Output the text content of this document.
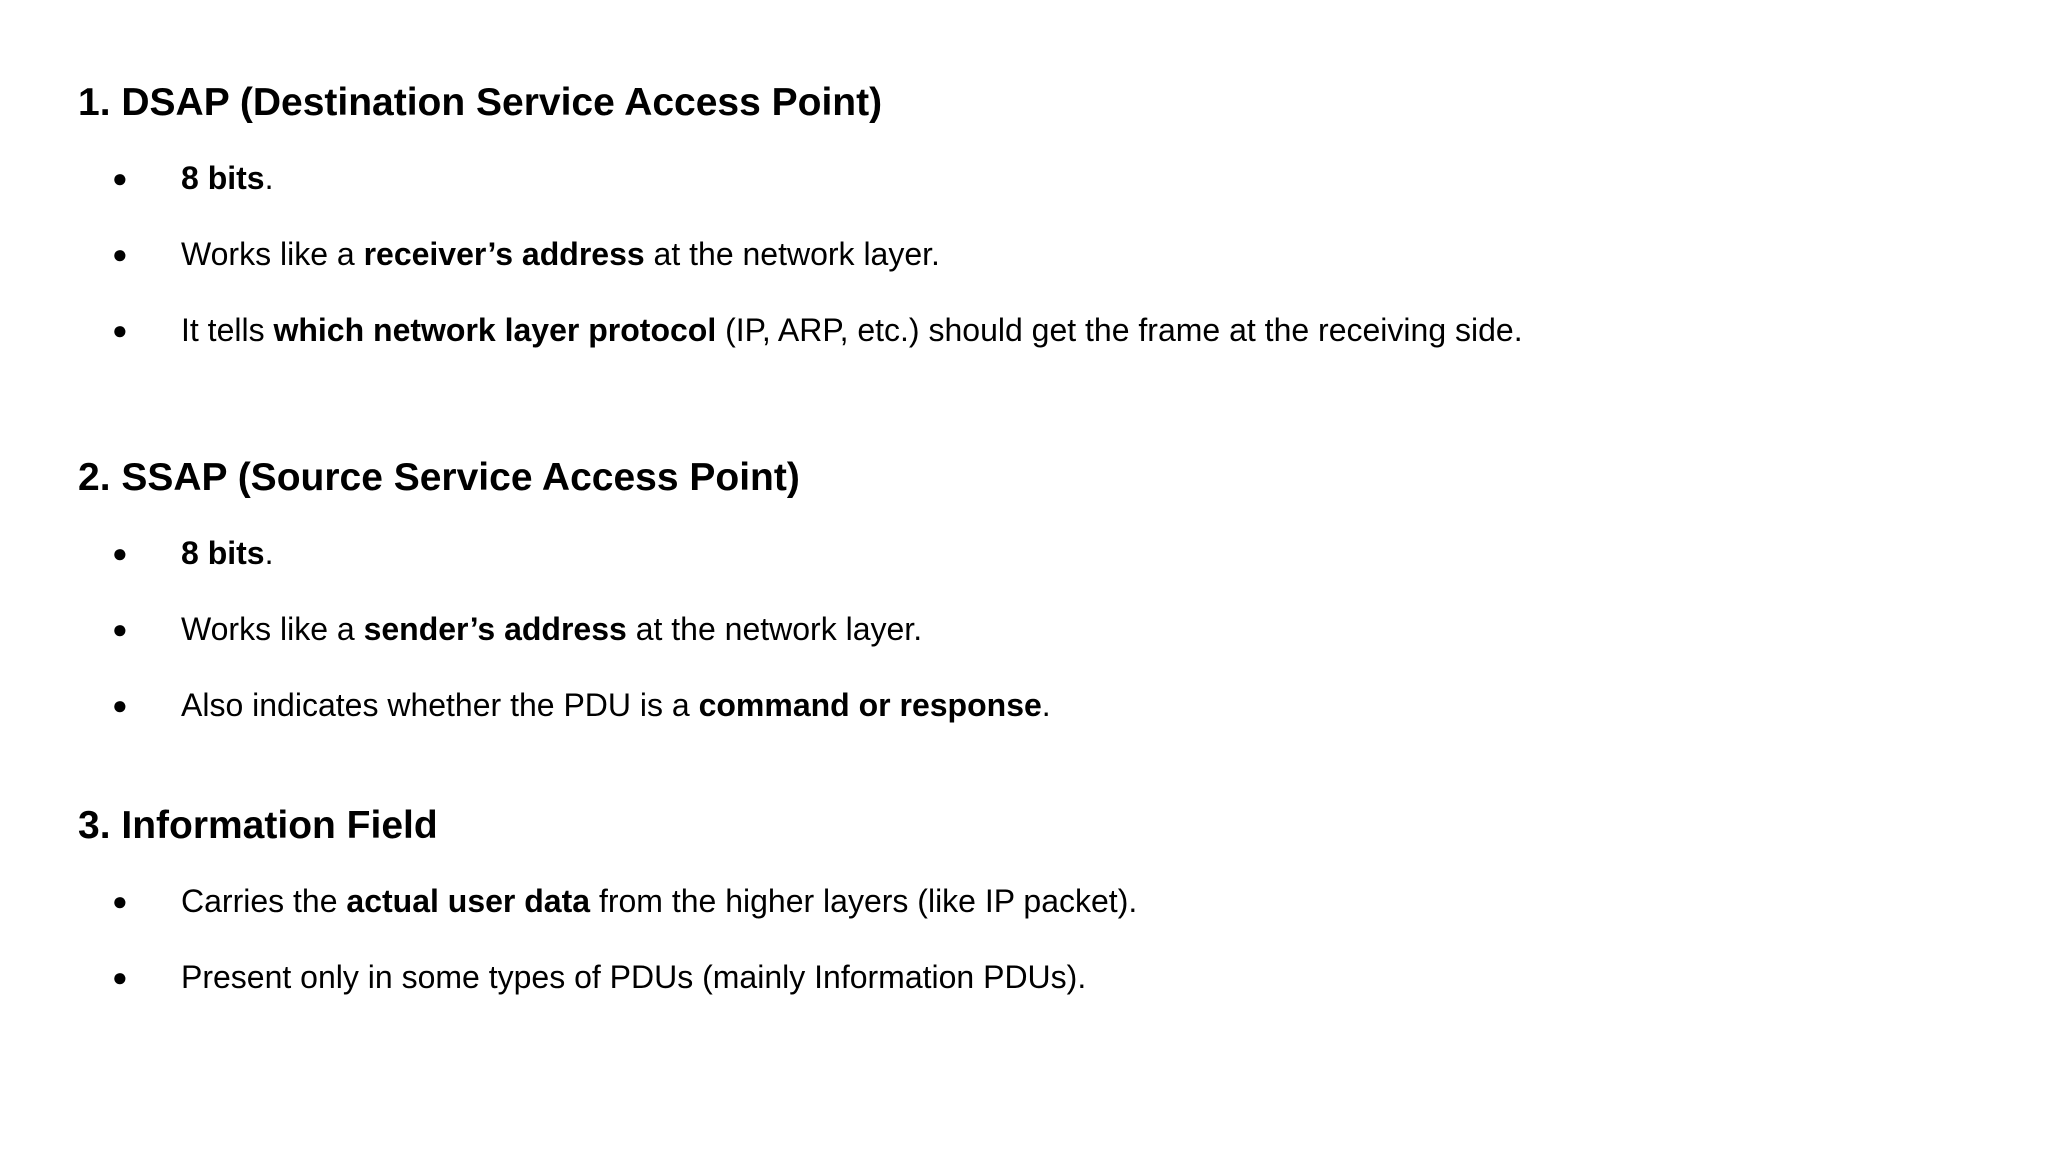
1. DSAP (Destination Service Access Point)
● 8 bits.
● Works like a receiver’s address at the network layer.
● It tells which network layer protocol (IP, ARP, etc.) should get the frame at the receiving side.
2. SSAP (Source Service Access Point)
● 8 bits.
● Works like a sender’s address at the network layer.
● Also indicates whether the PDU is a command or response.
3. Information Field
● Carries the actual user data from the higher layers (like IP packet).
● Present only in some types of PDUs (mainly Information PDUs).
